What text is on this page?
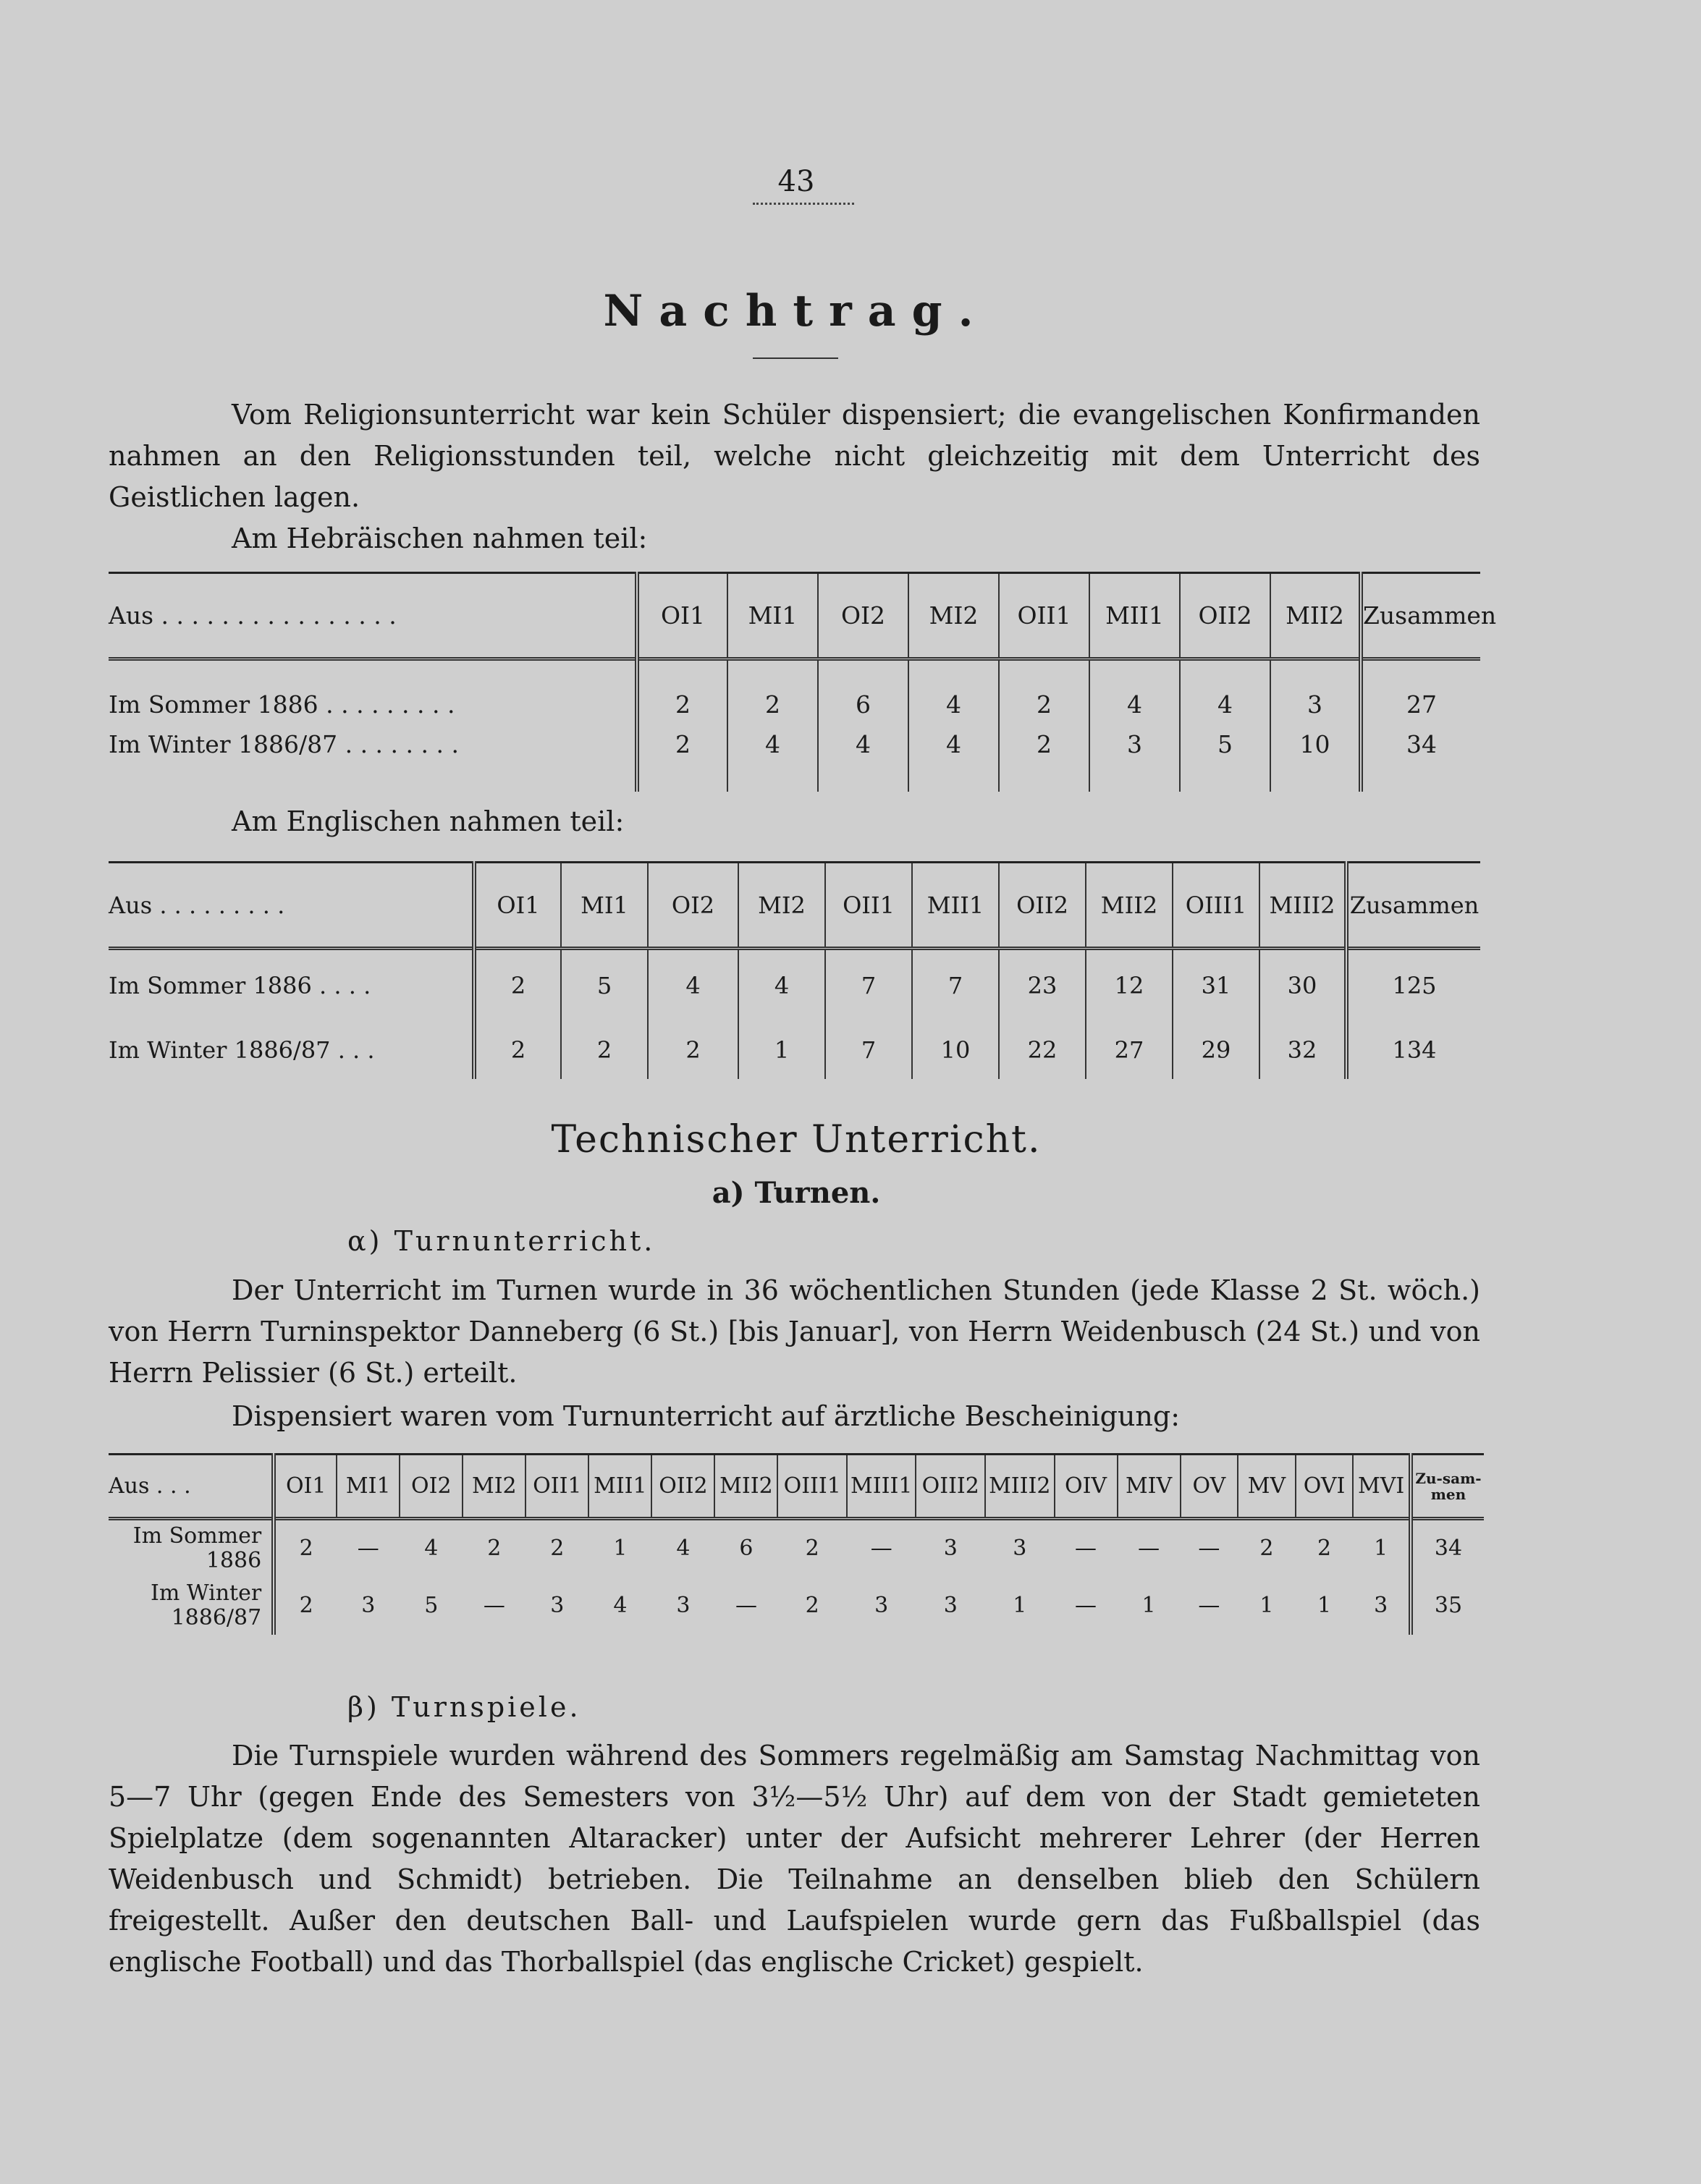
43
Nachtrag.

Vom Religionsunterricht war kein Schüler dispensiert; die evangelischen Konfirmanden nahmen an den Religionsstunden teil, welche nicht gleichzeitig mit dem Unterricht des Geistlichen lagen.

Am Hebräischen nahmen teil:

Aus . . . . . . . . . . . . . . . .	OI1	MI1	OI2	MI2	OII1	MII1	OII2	MII2	Zusammen
Im Sommer 1886 . . . . . . . . .	2	2	6	4	2	4	4	3	27
Im Winter 1886/87 . . . . . . . .	2	4	4	4	2	3	5	10	34

Am Englischen nahmen teil:

Aus . . . . . . . . .	OI1	MI1	OI2	MI2	OII1	MII1	OII2	MII2	OIII1	MIII2	Zusammen
Im Sommer 1886 . . . .	2	5	4	4	7	7	23	12	31	30	125
Im Winter 1886/87 . . .	2	2	2	1	7	10	22	27	29	32	134
Technischer Unterricht.
a) Turnen.
α) Turnunterricht.

Der Unterricht im Turnen wurde in 36 wöchentlichen Stunden (jede Klasse 2 St. wöch.) von Herrn Turninspektor Danneberg (6 St.) [bis Januar], von Herrn Weidenbusch (24 St.) und von Herrn Pelissier (6 St.) erteilt.

Dispensiert waren vom Turnunterricht auf ärztliche Bescheinigung:

Aus . . .	OI1	MI1	OI2	MI2	OII1	MII1	OII2	MII2	OIII1	MIII1	OIII2	MIII2	OIV	MIV	OV	MV	OVI	MVI	Zu-sam-men
Im Sommer 1886	2	—	4	2	2	1	4	6	2	—	3	3	—	—	—	2	2	1	34
Im Winter 1886/87	2	3	5	—	3	4	3	—	2	3	3	1	—	1	—	1	1	3	35
β) Turnspiele.

Die Turnspiele wurden während des Sommers regelmäßig am Samstag Nachmittag von 5—7 Uhr (gegen Ende des Semesters von 3½—5½ Uhr) auf dem von der Stadt gemieteten Spielplatze (dem sogenannten Altaracker) unter der Aufsicht mehrerer Lehrer (der Herren Weidenbusch und Schmidt) betrieben. Die Teilnahme an denselben blieb den Schülern freigestellt. Außer den deutschen Ball- und Laufspielen wurde gern das Fußballspiel (das englische Football) und das Thorballspiel (das englische Cricket) gespielt.
